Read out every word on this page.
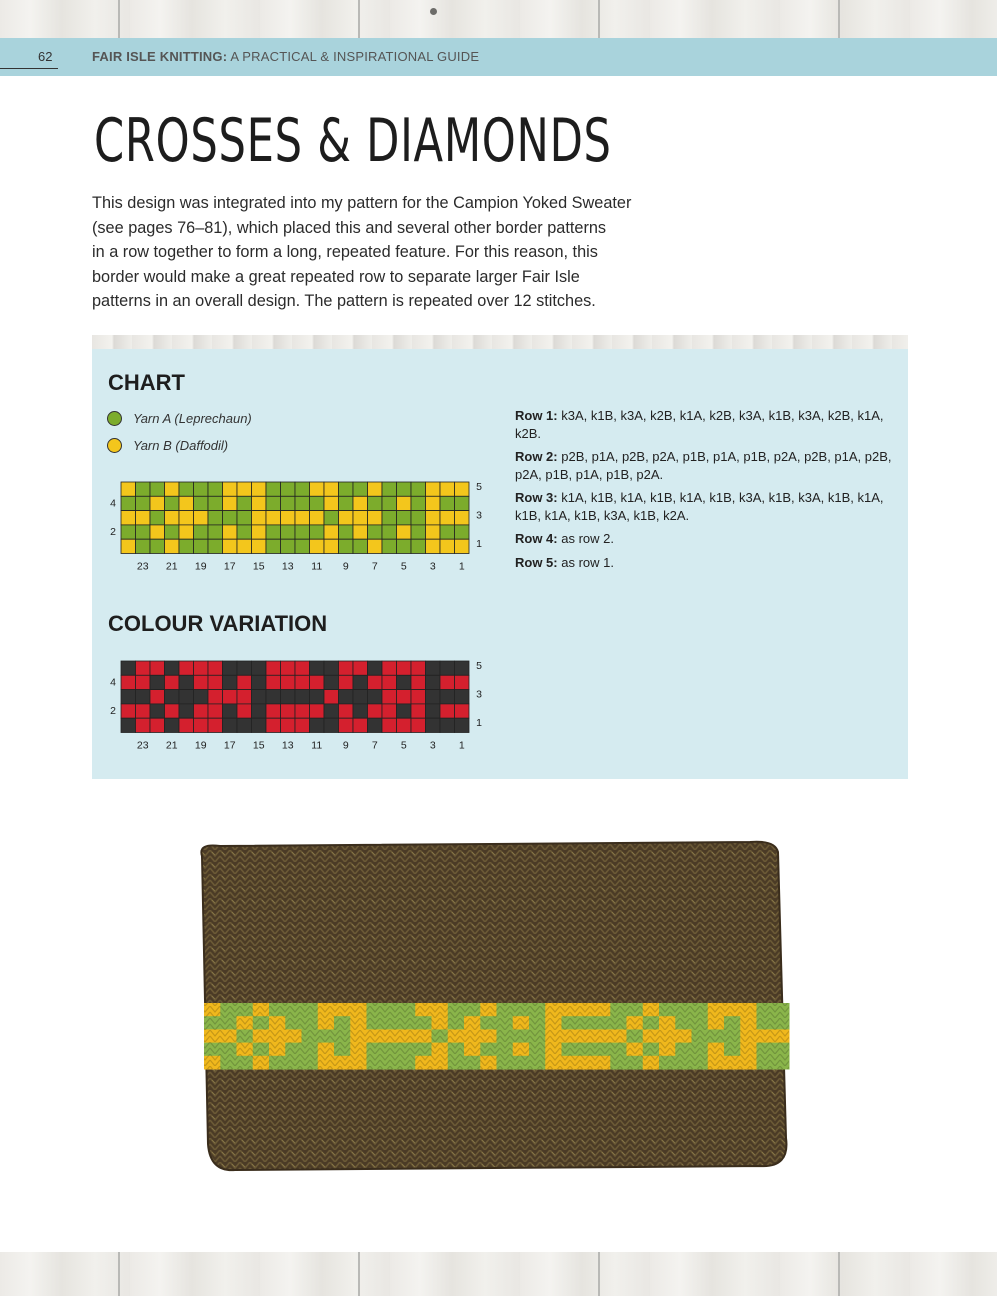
62	FAIR ISLE KNITTING: A PRACTICAL & INSPIRATIONAL GUIDE
CROSSES & DIAMONDS
This design was integrated into my pattern for the Campion Yoked Sweater
(see pages 76–81), which placed this and several other border patterns
in a row together to form a long, repeated feature. For this reason, this
border would make a great repeated row to separate larger Fair Isle
patterns in an overall design. The pattern is repeated over 12 stitches.
CHART
Yarn A (Leprechaun)
Yarn B (Daffodil)
4
2
5
3
1
23 21 19 17 15 13 11 9 7 5 3 1
COLOUR VARIATION
4
2
5
3
1
23 21 19 17 15 13 11 9 7 5 3 1
Row 1: k3A, k1B, k3A, k2B, k1A, k2B, k3A, k1B, k3A, k2B, k1A, k2B.
Row 2: p2B, p1A, p2B, p2A, p1B, p1A, p1B, p2A, p2B, p1A, p2B, p2A, p1B, p1A, p1B, p2A.
Row 3: k1A, k1B, k1A, k1B, k1A, k1B, k3A, k1B, k3A, k1B, k1A, k1B, k1A, k1B, k3A, k1B, k2A.
Row 4: as row 2.
Row 5: as row 1.
